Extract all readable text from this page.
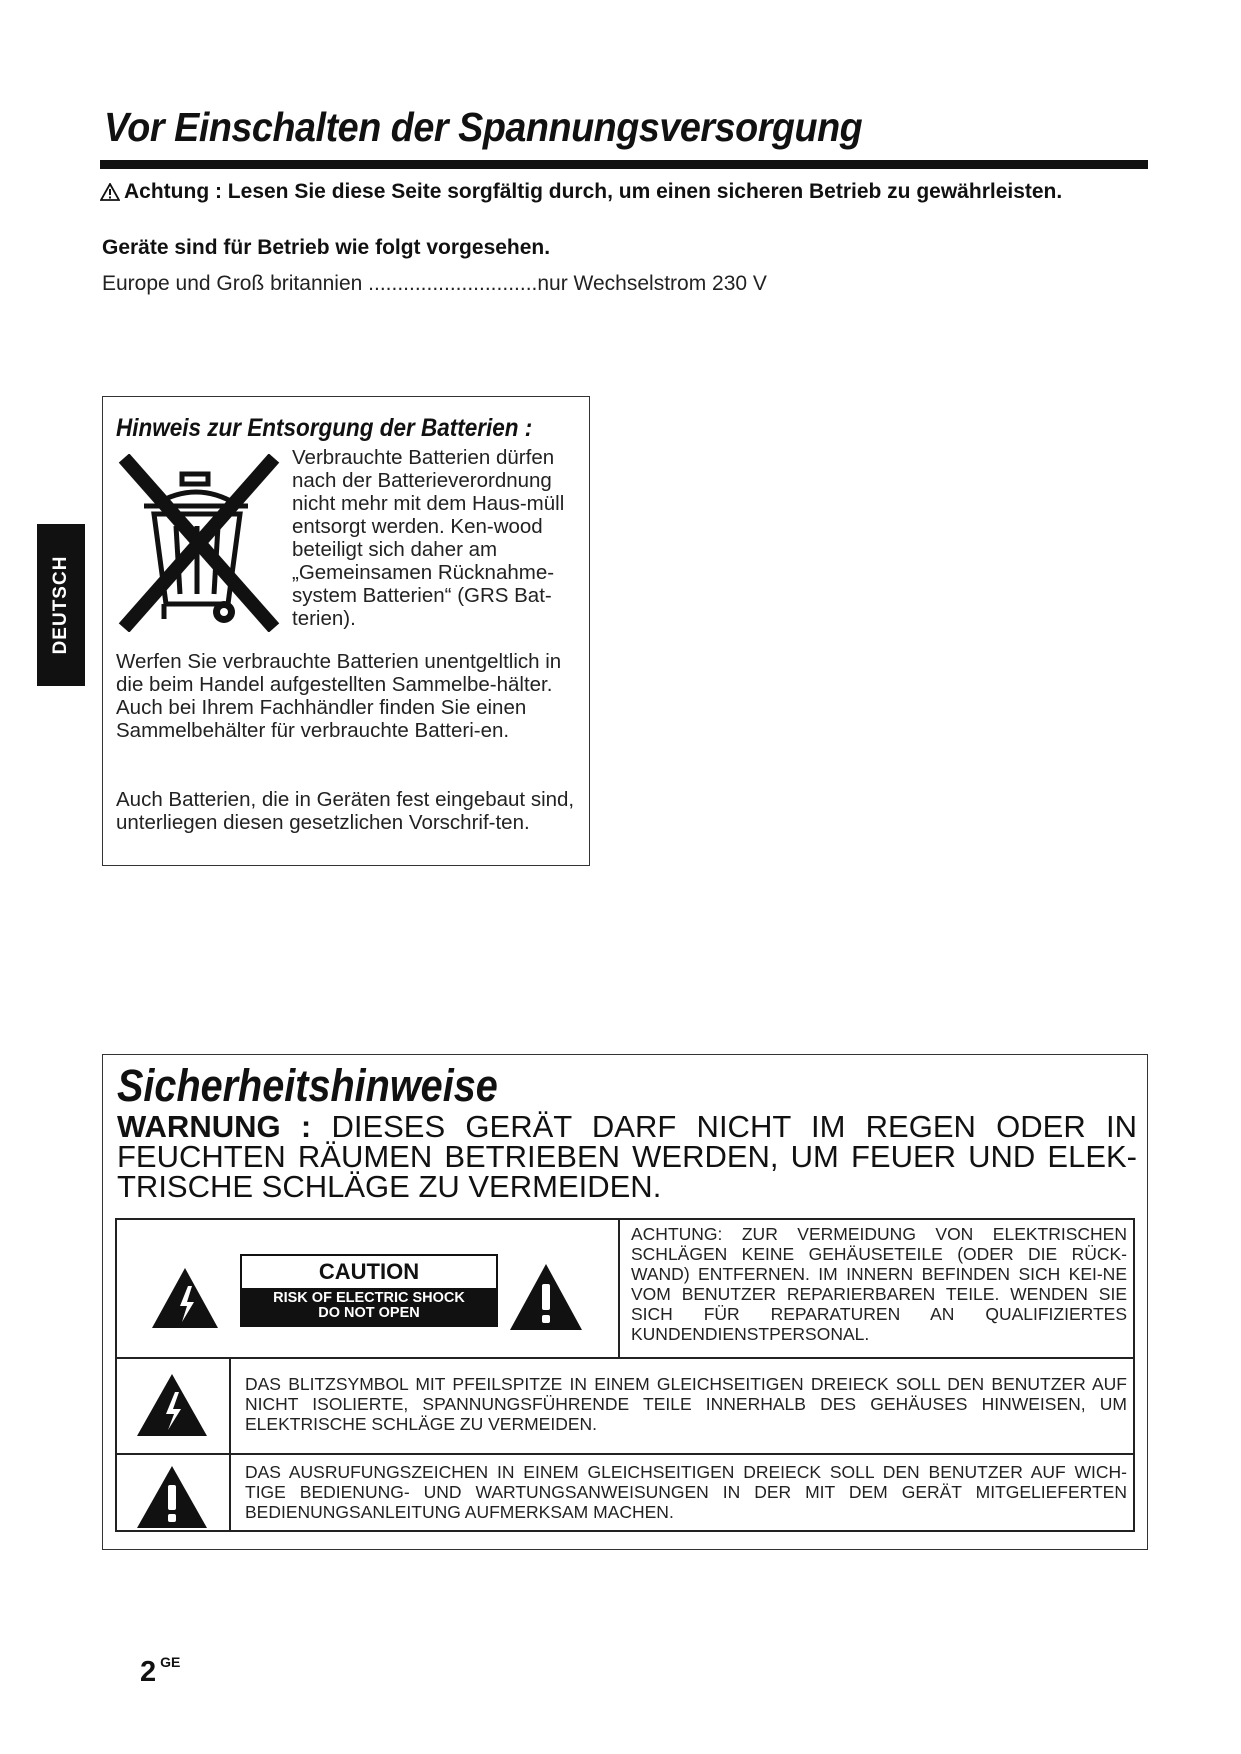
Vor Einschalten der Spannungsversorgung
Achtung : Lesen Sie diese Seite sorgfältig durch, um einen sicheren Betrieb zu gewährleisten.
Geräte sind für Betrieb wie folgt vorgesehen.
Europe und Groß britannien .............................nur Wechselstrom 230 V
DEUTSCH
Hinweis zur Entsorgung der Batterien :
Verbrauchte Batterien dürfen nach der Batterieverordnung nicht mehr mit dem Haus-müll entsorgt werden. Ken-wood beteiligt sich daher am „Gemeinsamen Rücknahme-system Batterien“ (GRS Bat-terien).
Werfen Sie verbrauchte Batterien unentgeltlich in die beim Handel aufgestellten Sammelbe-hälter. Auch bei Ihrem Fachhändler finden Sie einen Sammelbehälter für verbrauchte Batteri-en.
Auch Batterien, die in Geräten fest eingebaut sind, unterliegen diesen gesetzlichen Vorschrif-ten.
Sicherheitshinweise
WARNUNG : DIESES GERÄT DARF NICHT IM REGEN ODER IN FEUCHTEN RÄUMEN BETRIEBEN WERDEN, UM FEUER UND ELEK-TRISCHE SCHLÄGE ZU VERMEIDEN.
CAUTION
RISK OF ELECTRIC SHOCK
DO NOT OPEN
ACHTUNG: ZUR VERMEIDUNG VON ELEKTRISCHEN SCHLÄGEN KEINE GEHÄUSETEILE (ODER DIE RÜCK-WAND) ENTFERNEN. IM INNERN BEFINDEN SICH KEI-NE VOM BENUTZER REPARIERBAREN TEILE. WENDEN SIE SICH FÜR REPARATUREN AN QUALIFIZIERTES KUNDENDIENSTPERSONAL.
DAS BLITZSYMBOL MIT PFEILSPITZE IN EINEM GLEICHSEITIGEN DREIECK SOLL DEN BENUTZER AUF NICHT ISOLIERTE, SPANNUNGSFÜHRENDE TEILE INNERHALB DES GEHÄUSES HINWEISEN, UM ELEKTRISCHE SCHLÄGE ZU VERMEIDEN.
DAS AUSRUFUNGSZEICHEN IN EINEM GLEICHSEITIGEN DREIECK SOLL DEN BENUTZER AUF WICH-TIGE BEDIENUNG- UND WARTUNGSANWEISUNGEN IN DER MIT DEM GERÄT MITGELIEFERTEN BEDIENUNGSANLEITUNG AUFMERKSAM MACHEN.
2 $^{GE}$
